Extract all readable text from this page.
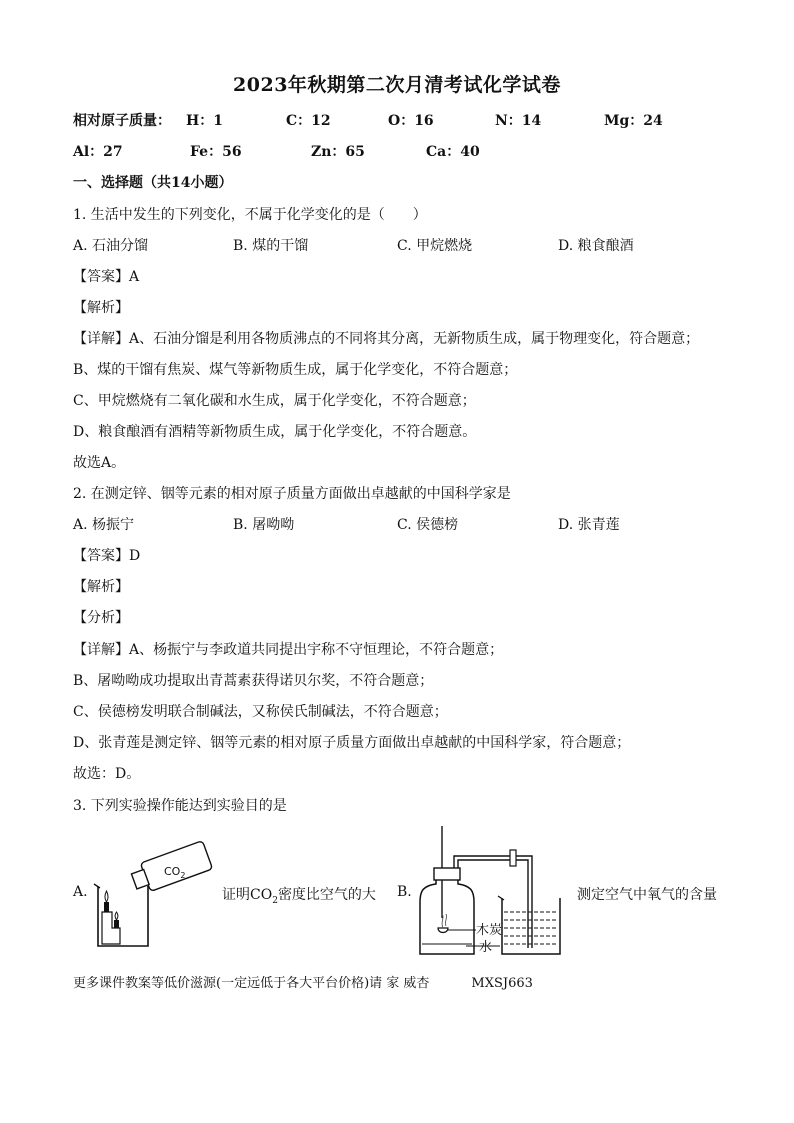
2023年秋期第二次月清考试化学试卷
相对原子质量： H：1	C：12	O：16	N：14	Mg：24
Al：27	Fe：56	Zn：65	Ca：40
一、选择题（共14小题）
1. 生活中发生的下列变化，不属于化学变化的是（　　）
A. 石油分馏	B. 煤的干馏	C. 甲烷燃烧	D. 粮食酿酒
【答案】A
【解析】
【详解】A、石油分馏是利用各物质沸点的不同将其分离，无新物质生成，属于物理变化，符合题意；
B、煤的干馏有焦炭、煤气等新物质生成，属于化学变化，不符合题意；
C、甲烷燃烧有二氧化碳和水生成，属于化学变化，不符合题意；
D、粮食酿酒有酒精等新物质生成，属于化学变化，不符合题意。
故选A。
2. 在测定锌、铟等元素的相对原子质量方面做出卓越献的中国科学家是
A. 杨振宁	B. 屠呦呦	C. 侯德榜	D. 张青莲
【答案】D
【解析】
【分析】
【详解】A、杨振宁与李政道共同提出宇称不守恒理论，不符合题意；
B、屠呦呦成功提取出青蒿素获得诺贝尔奖，不符合题意；
C、侯德榜发明联合制碱法，又称侯氏制碱法，不符合题意；
D、张青莲是测定锌、铟等元素的相对原子质量方面做出卓越献的中国科学家，符合题意；
故选：D。
3. 下列实验操作能达到实验目的是
A.
$CO_2$
证明$CO_2$密度比空气的大 B.
木炭
水
测定空气中氧气的含量
更多课件教案等低价滋源(一定远低于各大平台价格)请 家 威杏	MXSJ663
